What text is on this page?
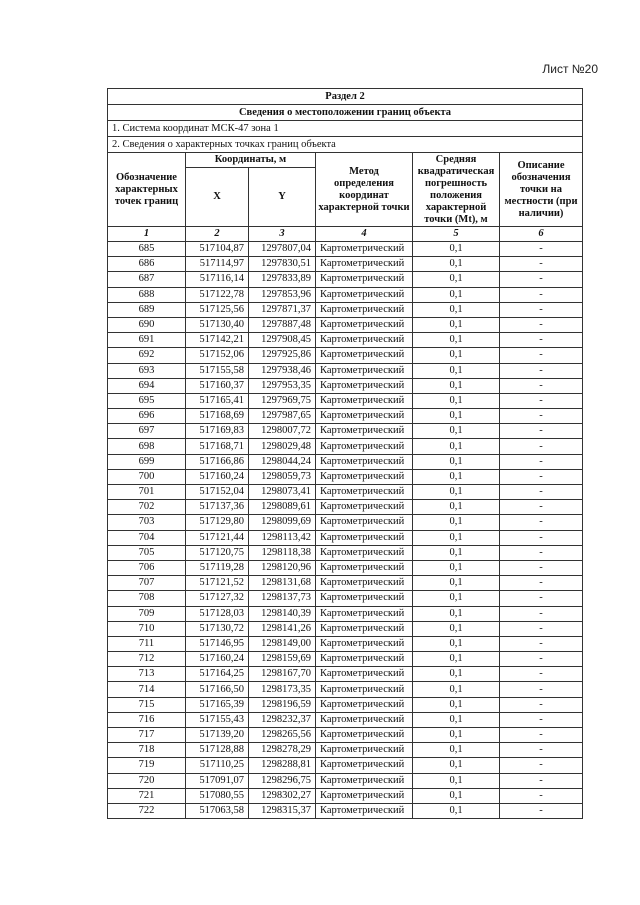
Лист №20
Раздел 2					
Сведения о местоположении границ объекта					
1. Система координат МСК-47 зона 1					
2. Сведения о характерных точках границ объекта					
Обозначение характерных точек границ	Координаты, м		Метод определения координат характерной точки	Средняя квадратическая погрешность положения характерной точки (Mt), м	Описание обозначения точки на местности (при наличии)
	X	Y			
1	2	3	4	5	6
685	517104,87	1297807,04	Картометрический	0,1	-
686	517114,97	1297830,51	Картометрический	0,1	-
687	517116,14	1297833,89	Картометрический	0,1	-
688	517122,78	1297853,96	Картометрический	0,1	-
689	517125,56	1297871,37	Картометрический	0,1	-
690	517130,40	1297887,48	Картометрический	0,1	-
691	517142,21	1297908,45	Картометрический	0,1	-
692	517152,06	1297925,86	Картометрический	0,1	-
693	517155,58	1297938,46	Картометрический	0,1	-
694	517160,37	1297953,35	Картометрический	0,1	-
695	517165,41	1297969,75	Картометрический	0,1	-
696	517168,69	1297987,65	Картометрический	0,1	-
697	517169,83	1298007,72	Картометрический	0,1	-
698	517168,71	1298029,48	Картометрический	0,1	-
699	517166,86	1298044,24	Картометрический	0,1	-
700	517160,24	1298059,73	Картометрический	0,1	-
701	517152,04	1298073,41	Картометрический	0,1	-
702	517137,36	1298089,61	Картометрический	0,1	-
703	517129,80	1298099,69	Картометрический	0,1	-
704	517121,44	1298113,42	Картометрический	0,1	-
705	517120,75	1298118,38	Картометрический	0,1	-
706	517119,28	1298120,96	Картометрический	0,1	-
707	517121,52	1298131,68	Картометрический	0,1	-
708	517127,32	1298137,73	Картометрический	0,1	-
709	517128,03	1298140,39	Картометрический	0,1	-
710	517130,72	1298141,26	Картометрический	0,1	-
711	517146,95	1298149,00	Картометрический	0,1	-
712	517160,24	1298159,69	Картометрический	0,1	-
713	517164,25	1298167,70	Картометрический	0,1	-
714	517166,50	1298173,35	Картометрический	0,1	-
715	517165,39	1298196,59	Картометрический	0,1	-
716	517155,43	1298232,37	Картометрический	0,1	-
717	517139,20	1298265,56	Картометрический	0,1	-
718	517128,88	1298278,29	Картометрический	0,1	-
719	517110,25	1298288,81	Картометрический	0,1	-
720	517091,07	1298296,75	Картометрический	0,1	-
721	517080,55	1298302,27	Картометрический	0,1	-
722	517063,58	1298315,37	Картометрический	0,1	-
